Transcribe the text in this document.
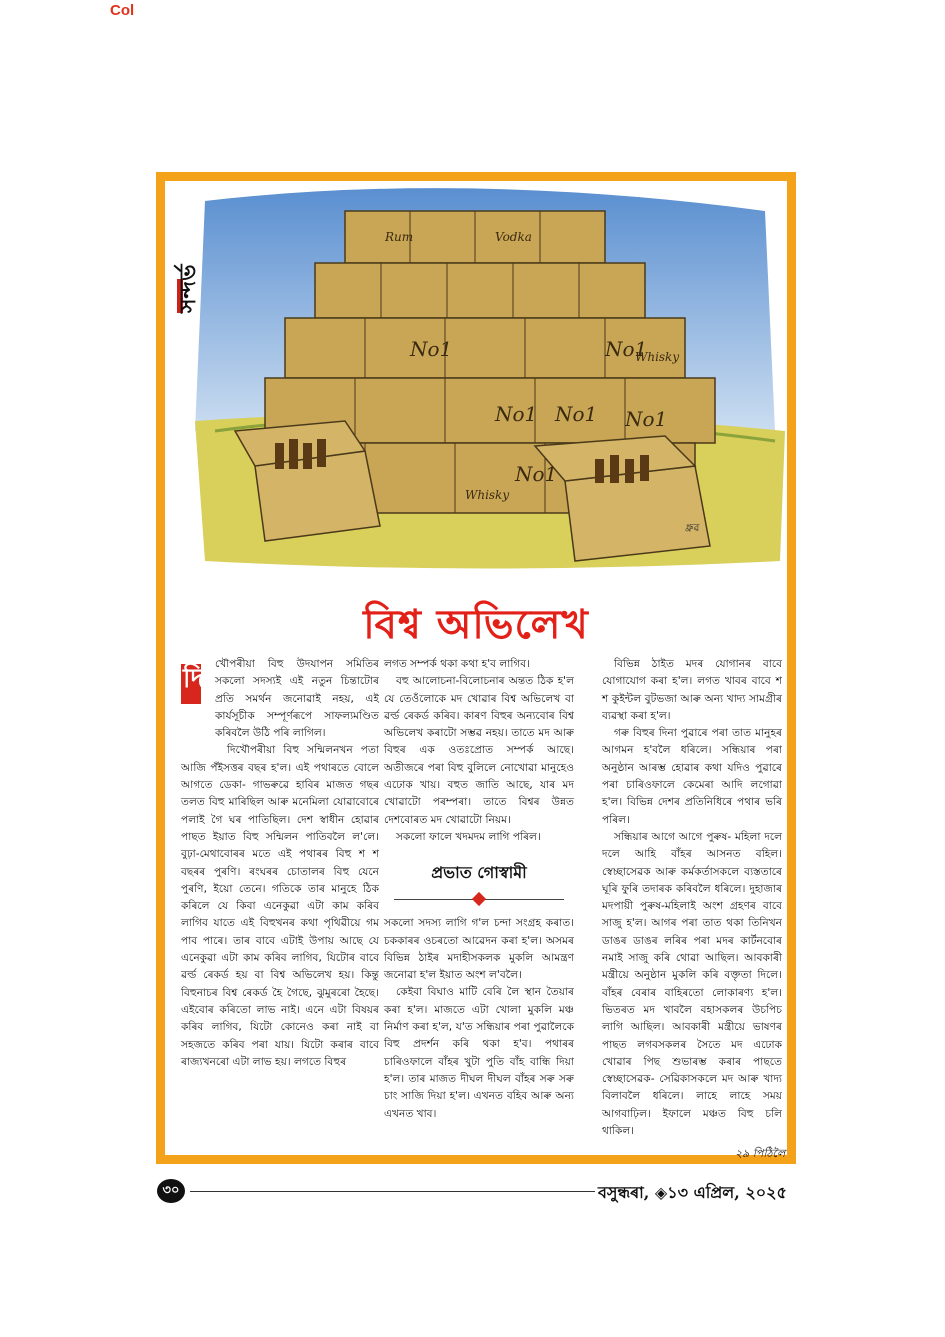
Col
No1 No1 No1
No1
No1
No1
Whisky
Whisky
Rum	Vodka
ধ্রুৱ
সন্দৰ্ভ
বিশ্ব অভিলেখ
দি	খৌপৰীয়া বিহু উদযাপন সমিতিৰ সকলো সদস্যই এই নতুন চিন্তাটোৰ প্ৰতি সমৰ্থন জনোৱাই নহয়, এই কাৰ্যসূচীক সম্পূৰ্ণৰূপে সাফল্যমণ্ডিত কৰিবলৈ উঠি পৰি লাগিল।

দিখৌপৰীয়া বিহু সন্মিলনখন পতা আজি পঁইসত্তৰ বছৰ হ'ল। এই পথাৰতে বোলে আগতে ডেকা- গাভৰুৱে হাবিৰ মাজত গছৰ তলত বিহু মাৰিছিল আৰু মনেমিলা যোৱাবোৰে পলাই গৈ ঘৰ পাতিছিল। দেশ স্বাধীন হোৱাৰ পাছত ইয়াত বিহু সন্মিলন পাতিবলৈ ল'লে। বুঢ়া-মেথাবোৰৰ মতে এই পথাৰৰ বিহু শ শ বছৰৰ পুৰণি। ৰংঘৰৰ চোতালৰ বিহু যেনে পুৰণি, ইয়ো তেনে। গতিকে তাৰ মানুহে ঠিক কৰিলে যে কিবা এনেকুৱা এটা কাম কৰিব লাগিব যাতে এই বিহুখনৰ কথা পৃথিৱীয়ে গম পাব পাৰে। তাৰ বাবে এটাই উপায় আছে যে এনেকুৱা এটা কাম কৰিব লাগিব, যিটোৰ বাবে ৱৰ্ল্ড ৰেকৰ্ড হয় বা বিশ্ব অভিলেখ হয়। কিন্তু বিহুনাচৰ বিশ্ব ৰেকৰ্ড হৈ গৈছে, ঝুমুৰৰো হৈছে। এইবোৰ কৰিতো লাভ নাই। এনে এটা বিষয়ৰ কৰিব লাগিব, যিটো কোনেও কৰা নাই বা সহজতে কৰিব পৰা যায়। যিটো কৰাৰ বাবে ৰাজ্যখনৰো এটা লাভ হয়। লগতে বিহুৰ

লগত সম্পৰ্ক থকা কথা হ'ব লাগিব।

বহু আলোচনা-বিলোচনাৰ অন্তত ঠিক হ'ল যে তেওঁলোকে মদ খোৱাৰ বিশ্ব অভিলেখ বা ৱৰ্ল্ড ৰেকৰ্ড কৰিব। কাৰণ বিহুৰ অন্যবোৰ বিশ্ব অভিলেখ কৰাটো সম্ভৱ নহয়। তাতে মদ আৰু বিহুৰ এক ওতঃপ্ৰোত সম্পৰ্ক আছে। অতীজৰে পৰা বিহু বুলিলে নোখোৱা মানুহেও এঢোক খায়। বহুত জাতি আছে, যাৰ মদ খোৱাটো পৰম্পৰা। তাতে বিশ্বৰ উন্নত দেশবোৰত মদ খোৱাটো নিয়ম।

সকলো ফালে খদমদম লাগি পৰিল।

প্ৰভাত গোস্বামী

সকলো সদস্য লাগি গ'ল চন্দা সংগ্ৰহ কৰাত। চককাৰৰ ওচৰতো আৱেদন কৰা হ'ল। অসমৰ বিভিন্ন ঠাইৰ মদাহীসকলক মুকলি আমন্ত্ৰণ জনোৱা হ'ল ইয়াত অংশ ল'বলৈ।

কেইবা বিঘাও মাটি বেৰি লৈ স্থান তৈয়াৰ কৰা হ'ল। মাজতে এটা খোলা মুকলি মঞ্চ নিৰ্মাণ কৰা হ'ল, য'ত সন্ধিয়াৰ পৰা পুৱালৈকে বিহু প্ৰদৰ্শন কৰি থকা হ'ব। পথাৰৰ চাৰিওফালে বাঁহৰ খুটা পুতি বাঁহ বান্ধি দিয়া হ'ল। তাৰ মাজত দীঘল দীঘল বাঁহৰ সৰু সৰু চাং সাজি দিয়া হ'ল। এখনত বহিব আৰু অন্য এখনত খাব।

বিভিন্ন ঠাইত মদৰ যোগানৰ বাবে যোগাযোগ কৰা হ'ল। লগত খাবৰ বাবে শ শ কুইন্টল বুটভজা আৰু অন্য খাদ্য সামগ্ৰীৰ ব্যৱস্থা কৰা হ'ল।

গৰু বিহুৰ দিনা পুৱাৰে পৰা তাত মানুহৰ আগমন হ'বলৈ ধৰিলে। সন্ধিয়াৰ পৰা অনুষ্ঠান আৰম্ভ হোৱাৰ কথা যদিও পুৱাৰে পৰা চাৰিওফালে কেমেৰা আদি লগোৱা হ'ল। বিভিন্ন দেশৰ প্ৰতিনিধিৰে পথাৰ ভৰি পৰিল।

সন্ধিয়াৰ আগে আগে পুৰুষ- মহিলা দলে দলে আহি বাঁহৰ আসনত বহিল। স্বেচ্ছাসেৱক আৰু কৰ্মকৰ্তাসকলে ব্যস্ততাৰে ঘূৰি ফুৰি তদাৰক কৰিবলৈ ধৰিলে। দুহাজাৰ মদপায়ী পুৰুষ-মহিলাই অংশ গ্ৰহণৰ বাবে সাজু হ'ল। আগৰ পৰা তাত থকা তিনিখন ডাঙৰ ডাঙৰ লৰিৰ পৰা মদৰ কাৰ্টনবোৰ নমাই সাজু কৰি থোৱা আছিল। আবকাৰী মন্ত্ৰীয়ে অনুষ্ঠান মুকলি কৰি বক্তৃতা দিলে। বাঁহৰ বেৰাৰ বাহিৰতো লোকাৰণ্য হ'ল। ভিতৰত মদ খাবলৈ বহাসকলৰ উচপিচ লাগি আছিল। আবকাৰী মন্ত্ৰীয়ে ভাষণৰ পাছত লগবসকলৰ সৈতে মদ এঢোক খোৱাৰ পিছ শুভাৰম্ভ কৰাৰ পাছতে স্বেচ্ছাসেৱক- সেৱিকাসকলে মদ আৰু খাদ্য বিলাবলৈ ধৰিলে। লাহে লাহে সময় আগবাঢ়িল। ইফালে মঞ্চত বিহু চলি থাকিল।

২৯ পিঠিলৈ
৩০	বসুন্ধৰা, ◈১৩ এপ্ৰিল, ২০২৫
